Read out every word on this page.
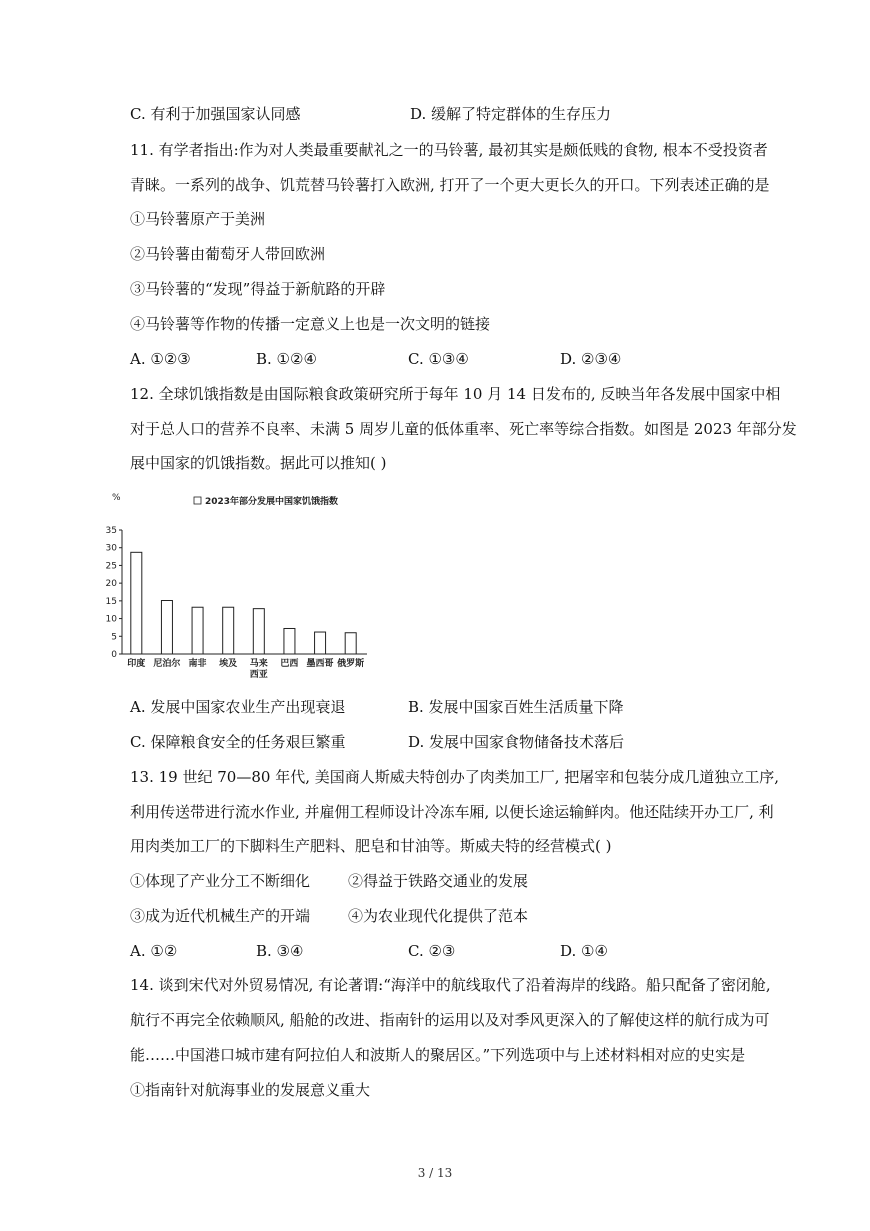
C. 有利于加强国家认同感	D. 缓解了特定群体的生存压力
11. 有学者指出:作为对人类最重要献礼之一的马铃薯, 最初其实是颇低贱的食物, 根本不受投资者
青睐。一系列的战争、饥荒替马铃薯打入欧洲, 打开了一个更大更长久的开口。下列表述正确的是
①马铃薯原产于美洲
②马铃薯由葡萄牙人带回欧洲
③马铃薯的“发现”得益于新航路的开辟
④马铃薯等作物的传播一定意义上也是一次文明的链接
A. ①②③	B. ①②④	C. ①③④	D. ②③④
12. 全球饥饿指数是由国际粮食政策研究所于每年 10 月 14 日发布的, 反映当年各发展中国家中相
对于总人口的营养不良率、未满 5 周岁儿童的低体重率、死亡率等综合指数。如图是 2023 年部分发
展中国家的饥饿指数。据此可以推知( )
0
5
10
15
20
25
30
35
%	2023年部分发展中国家饥饿指数
印度 尼泊尔 南非 埃及 马来
西亚
巴西 墨西哥 俄罗斯
A. 发展中国家农业生产出现衰退	B. 发展中国家百姓生活质量下降
C. 保障粮食安全的任务艰巨繁重	D. 发展中国家食物储备技术落后
13. 19 世纪 70—80 年代, 美国商人斯威夫特创办了肉类加工厂, 把屠宰和包装分成几道独立工序,
利用传送带进行流水作业, 并雇佣工程师设计冷冻车厢, 以便长途运输鲜肉。他还陆续开办工厂, 利
用肉类加工厂的下脚料生产肥料、肥皂和甘油等。斯威夫特的经营模式( )
①体现了产业分工不断细化	②得益于铁路交通业的发展
③成为近代机械生产的开端	④为农业现代化提供了范本
A. ①②	B. ③④	C. ②③	D. ①④
14. 谈到宋代对外贸易情况, 有论著谓:“海洋中的航线取代了沿着海岸的线路。船只配备了密闭舱,
航行不再完全依赖顺风, 船舱的改进、指南针的运用以及对季风更深入的了解使这样的航行成为可
能……中国港口城市建有阿拉伯人和波斯人的聚居区。”下列选项中与上述材料相对应的史实是
①指南针对航海事业的发展意义重大
3 / 13
